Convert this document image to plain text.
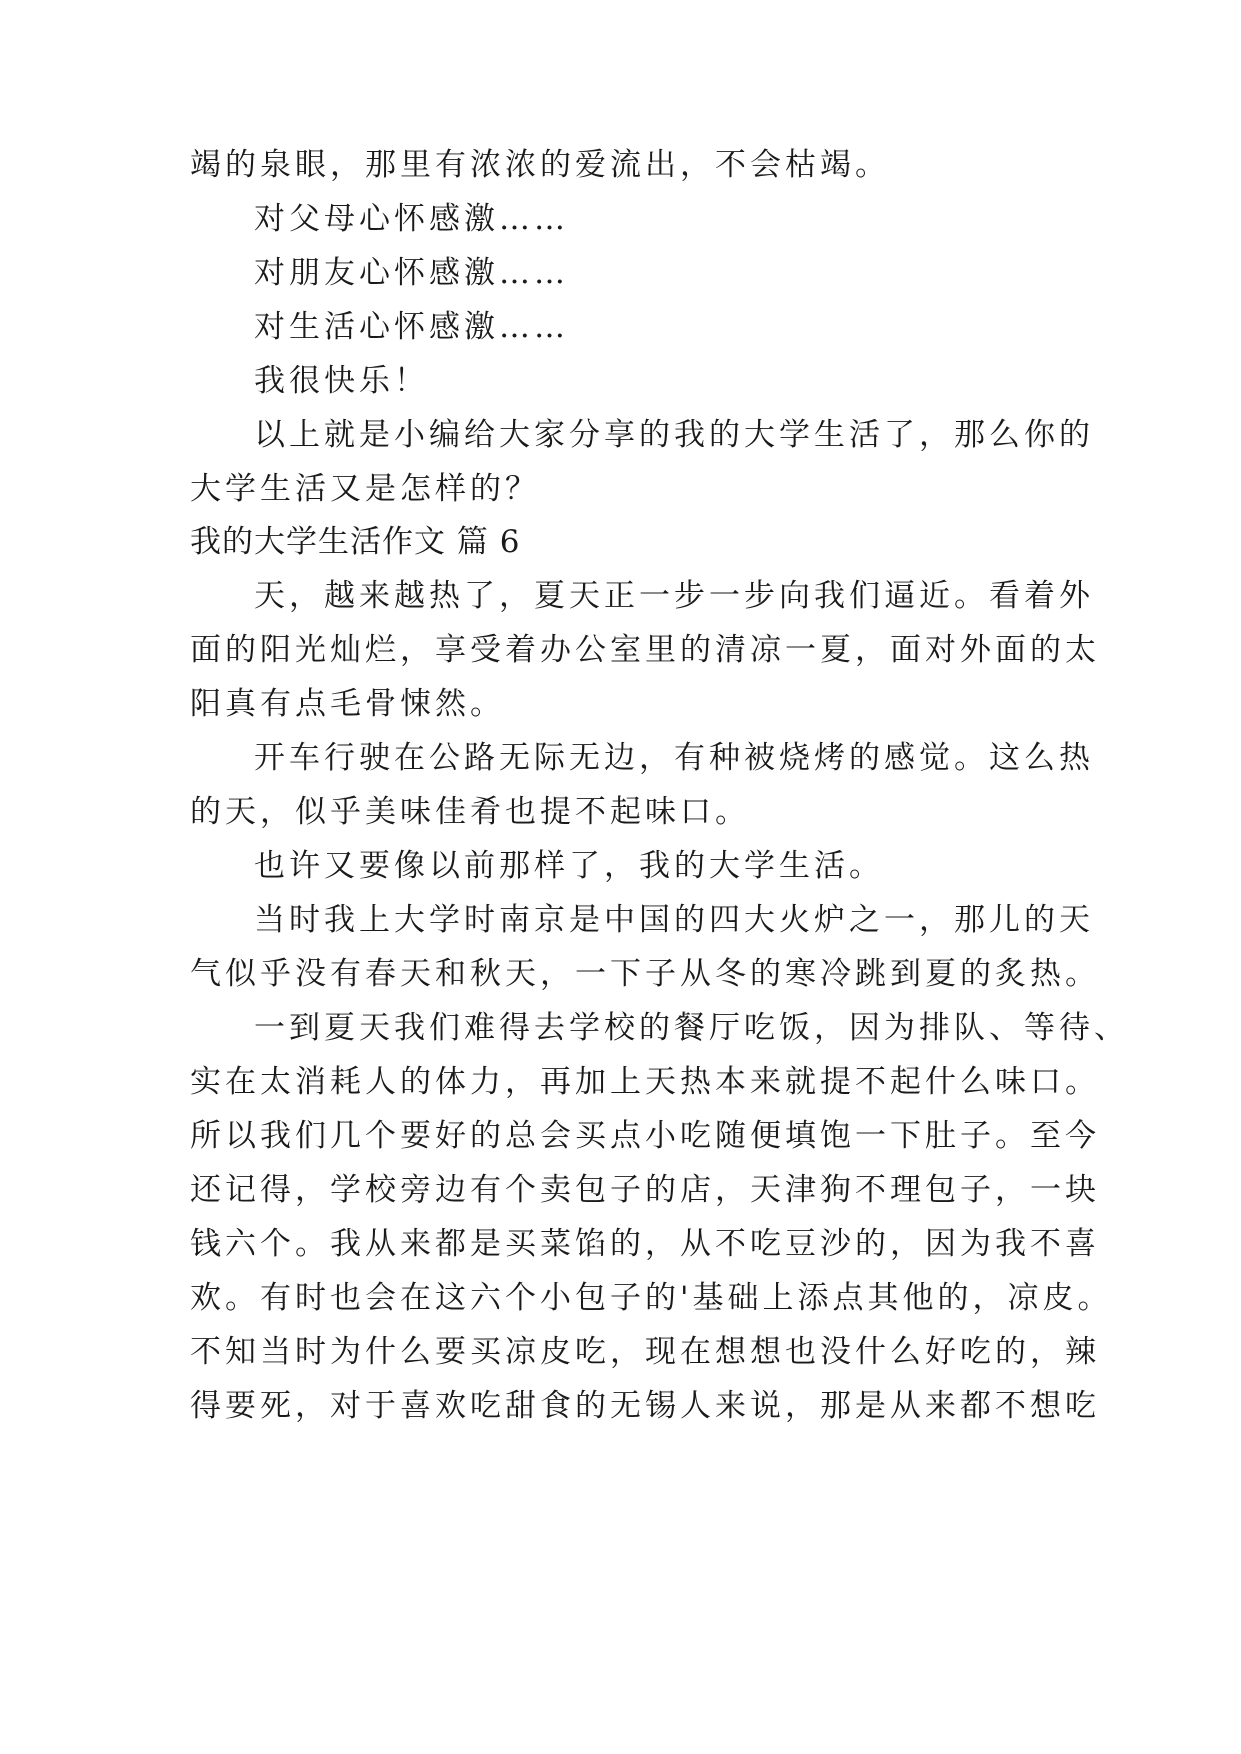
竭的泉眼，那里有浓浓的爱流出，不会枯竭。
对父母心怀感激……
对朋友心怀感激……
对生活心怀感激……
我很快乐！
以上就是小编给大家分享的我的大学生活了，那么你的
大学生活又是怎样的？
我的大学生活作文 篇 6
天，越来越热了，夏天正一步一步向我们逼近。看着外
面的阳光灿烂，享受着办公室里的清凉一夏，面对外面的太
阳真有点毛骨悚然。
开车行驶在公路无际无边，有种被烧烤的感觉。这么热
的天，似乎美味佳肴也提不起味口。
也许又要像以前那样了，我的大学生活。
当时我上大学时南京是中国的四大火炉之一，那儿的天
气似乎没有春天和秋天，一下子从冬的寒冷跳到夏的炙热。
一到夏天我们难得去学校的餐厅吃饭，因为排队、等待、
实在太消耗人的体力，再加上天热本来就提不起什么味口。
所以我们几个要好的总会买点小吃随便填饱一下肚子。至今
还记得，学校旁边有个卖包子的店，天津狗不理包子，一块
钱六个。我从来都是买菜馅的，从不吃豆沙的，因为我不喜
欢。有时也会在这六个小包子的'基础上添点其他的，凉皮。
不知当时为什么要买凉皮吃，现在想想也没什么好吃的，辣
得要死，对于喜欢吃甜食的无锡人来说，那是从来都不想吃
